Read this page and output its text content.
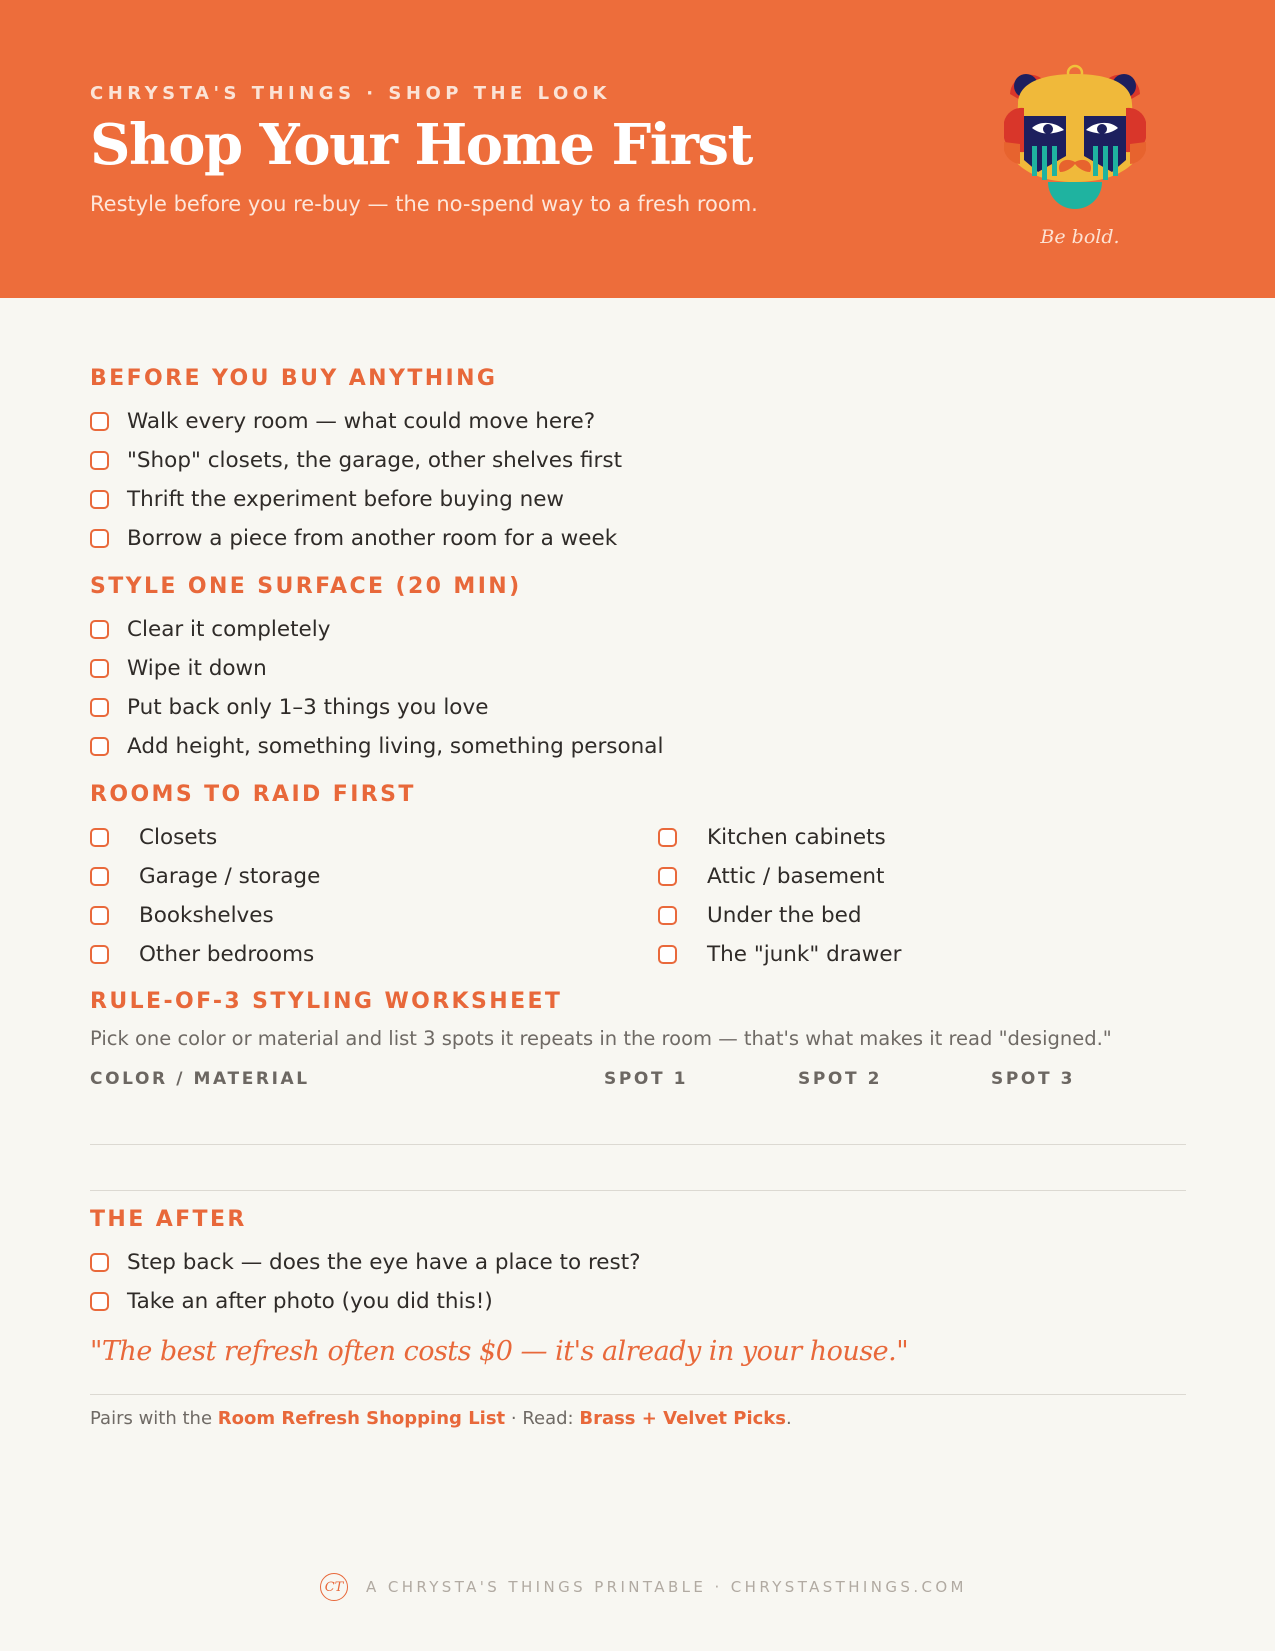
CHRYSTA'S THINGS · SHOP THE LOOK
Shop Your Home First
Restyle before you re-buy — the no-spend way to a fresh room.
Be bold.
BEFORE YOU BUY ANYTHING
Walk every room — what could move here?
"Shop" closets, the garage, other shelves first
Thrift the experiment before buying new
Borrow a piece from another room for a week
STYLE ONE SURFACE (20 MIN)
Clear it completely
Wipe it down
Put back only 1–3 things you love
Add height, something living, something personal
ROOMS TO RAID FIRST
Closets
Garage / storage
Bookshelves
Other bedrooms
Kitchen cabinets
Attic / basement
Under the bed
The "junk" drawer
RULE-OF-3 STYLING WORKSHEET
Pick one color or material and list 3 spots it repeats in the room — that's what makes it read "designed."
COLOR / MATERIAL	SPOT 1	SPOT 2	SPOT 3
THE AFTER
Step back — does the eye have a place to rest?
Take an after photo (you did this!)
"The best refresh often costs $0 — it's already in your house."
Pairs with the Room Refresh Shopping List · Read: Brass + Velvet Picks.
CT	A CHRYSTA'S THINGS PRINTABLE · CHRYSTASTHINGS.COM
